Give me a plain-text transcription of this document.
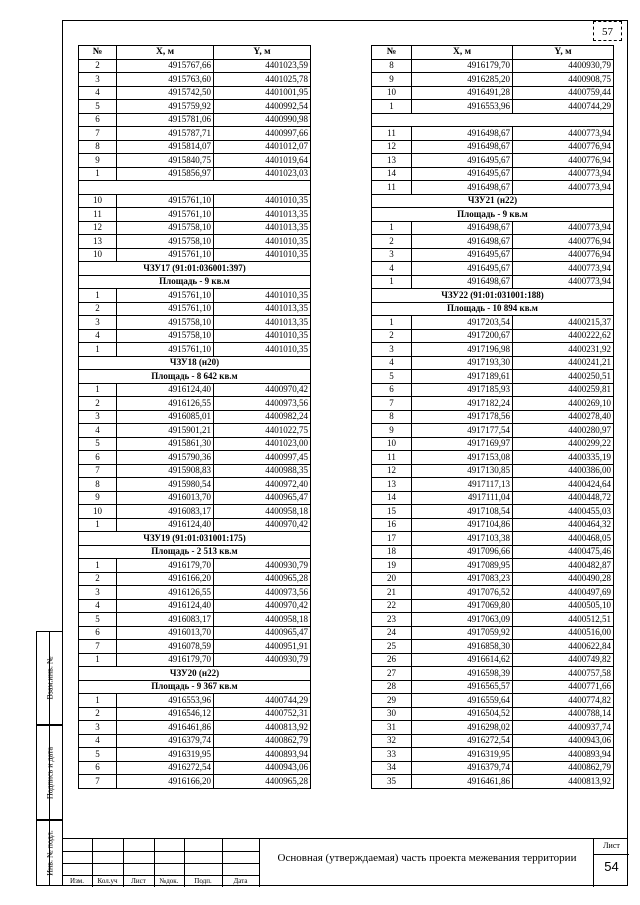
57
№	X, м	Y, м
2	4915767,66	4401023,59
3	4915763,60	4401025,78
4	4915742,50	4401001,95
5	4915759,92	4400992,54
6	4915781,06	4400990,98
7	4915787,71	4400997,66
8	4915814,07	4401012,07
9	4915840,75	4401019,64
1	4915856,97	4401023,03

10	4915761,10	4401010,35
11	4915761,10	4401013,35
12	4915758,10	4401013,35
13	4915758,10	4401010,35
10	4915761,10	4401010,35
ЧЗУ17 (91:01:036001:397)		
Площадь - 9 кв.м		
1	4915761,10	4401010,35
2	4915761,10	4401013,35
3	4915758,10	4401013,35
4	4915758,10	4401010,35
1	4915761,10	4401010,35
ЧЗУ18 (н20)		
Площадь - 8 642 кв.м		
1	4916124,40	4400970,42
2	4916126,55	4400973,56
3	4916085,01	4400982,24
4	4915901,21	4401022,75
5	4915861,30	4401023,00
6	4915790,36	4400997,45
7	4915908,83	4400988,35
8	4915980,54	4400972,40
9	4916013,70	4400965,47
10	4916083,17	4400958,18
1	4916124,40	4400970,42
ЧЗУ19 (91:01:031001:175)		
Площадь - 2 513 кв.м		
1	4916179,70	4400930,79
2	4916166,20	4400965,28
3	4916126,55	4400973,56
4	4916124,40	4400970,42
5	4916083,17	4400958,18
6	4916013,70	4400965,47
7	4916078,59	4400951,91
1	4916179,70	4400930,79
ЧЗУ20 (н22)		
Площадь - 9 367 кв.м		
1	4916553,96	4400744,29
2	4916546,12	4400752,31
3	4916461,86	4400813,92
4	4916379,74	4400862,79
5	4916319,95	4400893,94
6	4916272,54	4400943,06
7	4916166,20	4400965,28
№	X, м	Y, м
8	4916179,70	4400930,79
9	4916285,20	4400908,75
10	4916491,28	4400759,44
1	4916553,96	4400744,29

11	4916498,67	4400773,94
12	4916498,67	4400776,94
13	4916495,67	4400776,94
14	4916495,67	4400773,94
11	4916498,67	4400773,94
ЧЗУ21 (н22)		
Площадь - 9 кв.м		
1	4916498,67	4400773,94
2	4916498,67	4400776,94
3	4916495,67	4400776,94
4	4916495,67	4400773,94
1	4916498,67	4400773,94
ЧЗУ22 (91:01:031001:188)		
Площадь - 10 894 кв.м		
1	4917203,54	4400215,37
2	4917200,67	4400222,62
3	4917196,98	4400231,92
4	4917193,30	4400241,21
5	4917189,61	4400250,51
6	4917185,93	4400259,81
7	4917182,24	4400269,10
8	4917178,56	4400278,40
9	4917177,54	4400280,97
10	4917169,97	4400299,22
11	4917153,08	4400335,19
12	4917130,85	4400386,00
13	4917117,13	4400424,64
14	4917111,04	4400448,72
15	4917108,54	4400455,03
16	4917104,86	4400464,32
17	4917103,38	4400468,05
18	4917096,66	4400475,46
19	4917089,95	4400482,87
20	4917083,23	4400490,28
21	4917076,52	4400497,69
22	4917069,80	4400505,10
23	4917063,09	4400512,51
24	4917059,92	4400516,00
25	4916858,30	4400622,84
26	4916614,62	4400749,82
27	4916598,39	4400757,58
28	4916565,57	4400771,66
29	4916559,64	4400774,82
30	4916504,52	4400788,14
31	4916298,02	4400937,74
32	4916272,54	4400943,06
33	4916319,95	4400893,94
34	4916379,74	4400862,79
35	4916461,86	4400813,92
Взам.инв. №
Подпись и дата
Инв. № подл.
Изм.	Кол.уч	Лист	№док.	Подп.	Дата
Основная (утверждаемая) часть проекта межевания территории
Лист
54
